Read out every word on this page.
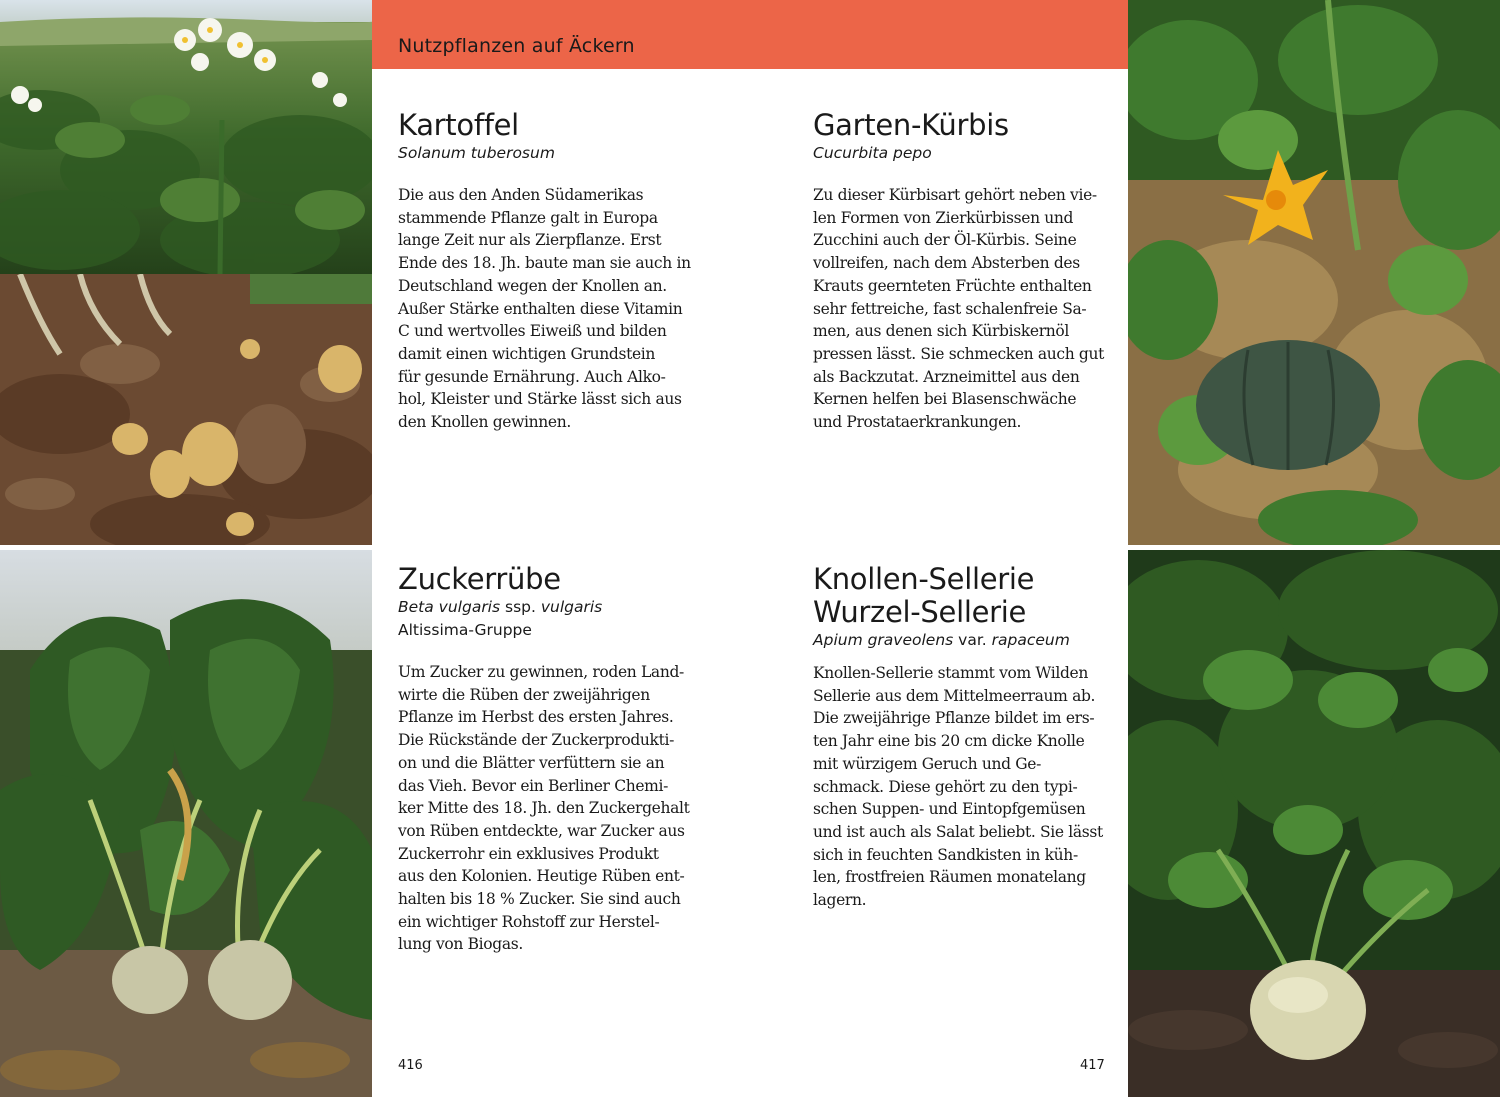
Nutzpflanzen auf Äckern
Kartoffel

Solanum tuberosum

Die aus den Anden Südamerikas
stammende Pflanze galt in Europa
lange Zeit nur als Zierpflanze. Erst
Ende des 18. Jh. baute man sie auch in
Deutschland wegen der Knollen an.
Außer Stärke enthalten diese Vitamin
C und wertvolles Eiweiß und bilden
damit einen wichtigen Grundstein
für gesunde Ernährung. Auch Alko-
hol, Kleister und Stärke lässt sich aus
den Knollen gewinnen.

Garten-Kürbis

Cucurbita pepo

Zu dieser Kürbisart gehört neben vie-
len Formen von Zierkürbissen und
Zucchini auch der Öl-Kürbis. Seine
vollreifen, nach dem Absterben des
Krauts geernteten Früchte enthalten
sehr fettreiche, fast schalenfreie Sa-
men, aus denen sich Kürbiskernöl
pressen lässt. Sie schmecken auch gut
als Backzutat. Arzneimittel aus den
Kernen helfen bei Blasenschwäche
und Prostataerkrankungen.

Zuckerrübe

Beta vulgaris ssp. vulgaris

Altissima-Gruppe

Um Zucker zu gewinnen, roden Land-
wirte die Rüben der zweijährigen
Pflanze im Herbst des ersten Jahres.
Die Rückstände der Zuckerprodukti-
on und die Blätter verfüttern sie an
das Vieh. Bevor ein Berliner Chemi-
ker Mitte des 18. Jh. den Zuckergehalt
von Rüben entdeckte, war Zucker aus
Zuckerrohr ein exklusives Produkt
aus den Kolonien. Heutige Rüben ent-
halten bis 18 % Zucker. Sie sind auch
ein wichtiger Rohstoff zur Herstel-
lung von Biogas.

Knollen-Sellerie
Wurzel-Sellerie

Apium graveolens var. rapaceum

Knollen-Sellerie stammt vom Wilden
Sellerie aus dem Mittelmeerraum ab.
Die zweijährige Pflanze bildet im ers-
ten Jahr eine bis 20 cm dicke Knolle
mit würzigem Geruch und Ge-
schmack. Diese gehört zu den typi-
schen Suppen- und Eintopfgemüsen
und ist auch als Salat beliebt. Sie lässt
sich in feuchten Sandkisten in küh-
len, frostfreien Räumen monatelang
lagern.

416	417
